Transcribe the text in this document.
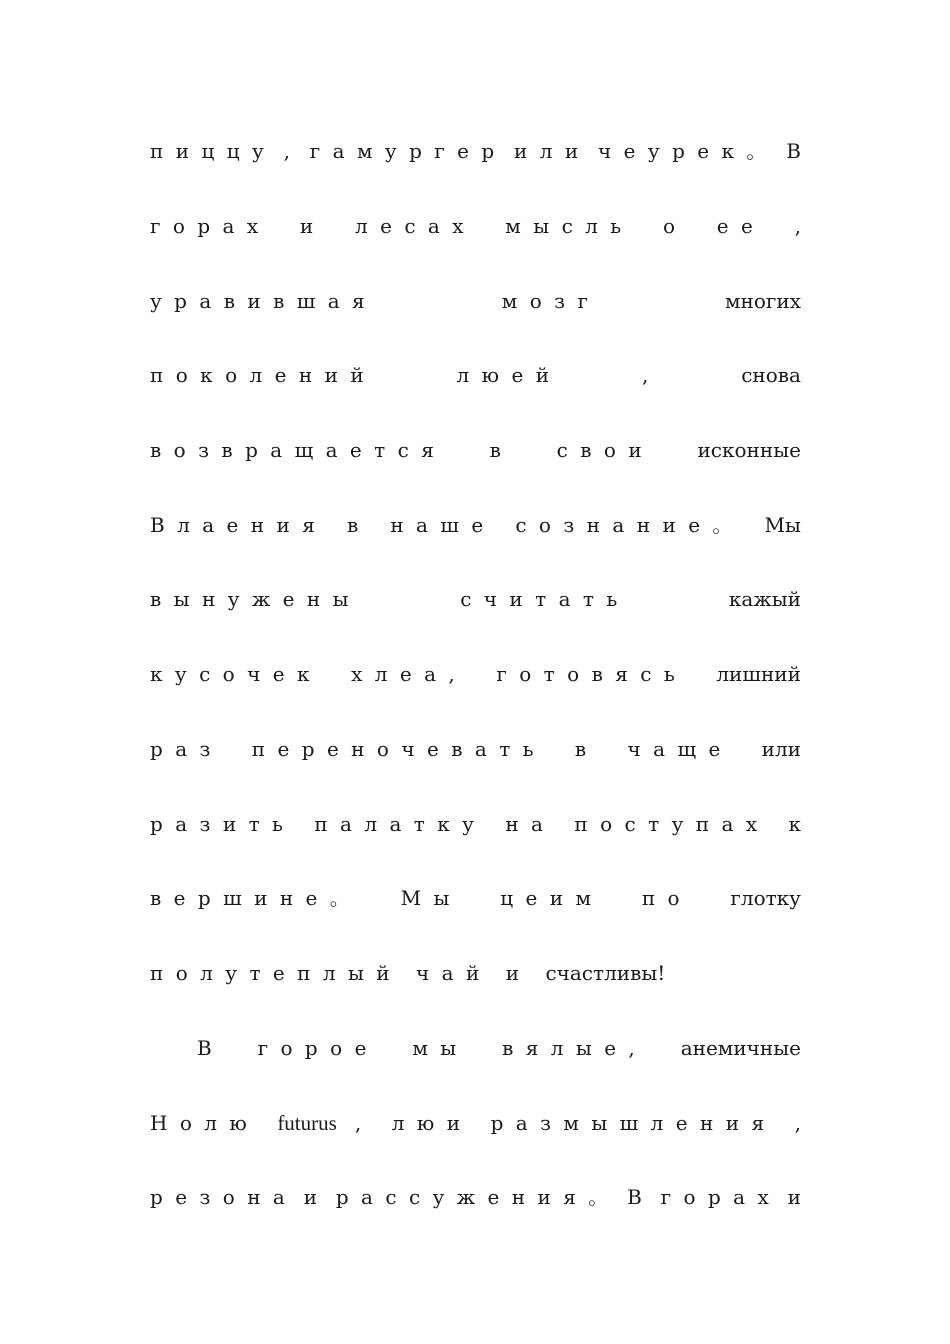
пиццу , гамургер или чеурек。 В
горах и лесах мысль о ее ,
уравившая	мозг	многих
поколений	люей	,	снова
возвращается в свои исконные
Влаения в наше сознание。 Мы
вынужены	считать	кажый
кусочек хлеа, готовясь лишний
раз переночевать в чаще или
разить палатку на поступах к
вершине。 Мы цеим по глотку
полутеплый чай и счастливы!
В горое мы вялые, анемичные
Нолю futurus , люи размышления ,
резона и рассужения。 В горах и
